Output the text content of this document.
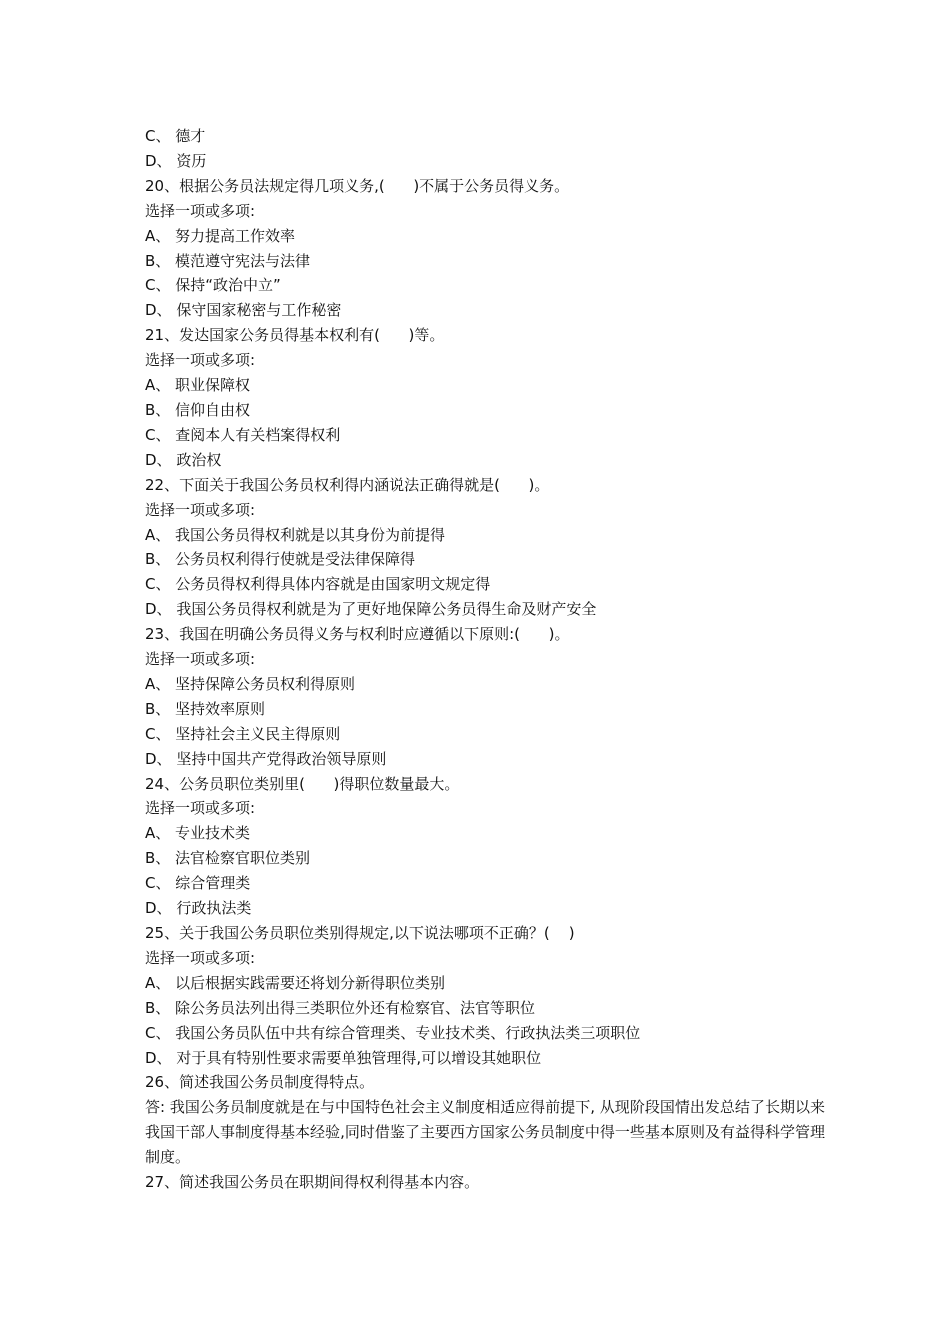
C、 德才
D、 资历
20、根据公务员法规定得几项义务,(      )不属于公务员得义务。
选择一项或多项:
A、 努力提高工作效率
B、 模范遵守宪法与法律
C、 保持“政治中立”
D、 保守国家秘密与工作秘密
21、发达国家公务员得基本权利有(      )等。
选择一项或多项:
A、 职业保障权
B、 信仰自由权
C、 查阅本人有关档案得权利
D、 政治权
22、下面关于我国公务员权利得内涵说法正确得就是(      )。
选择一项或多项:
A、 我国公务员得权利就是以其身份为前提得
B、 公务员权利得行使就是受法律保障得
C、 公务员得权利得具体内容就是由国家明文规定得
D、 我国公务员得权利就是为了更好地保障公务员得生命及财产安全
23、我国在明确公务员得义务与权利时应遵循以下原则:(      )。
选择一项或多项:
A、 坚持保障公务员权利得原则
B、 坚持效率原则
C、 坚持社会主义民主得原则
D、 坚持中国共产党得政治领导原则
24、公务员职位类别里(      )得职位数量最大。
选择一项或多项:
A、 专业技术类
B、 法官检察官职位类别
C、 综合管理类
D、 行政执法类
25、关于我国公务员职位类别得规定,以下说法哪项不正确？(    )
选择一项或多项:
A、 以后根据实践需要还将划分新得职位类别
B、 除公务员法列出得三类职位外还有检察官、法官等职位
C、 我国公务员队伍中共有综合管理类、专业技术类、行政执法类三项职位
D、 对于具有特别性要求需要单独管理得,可以增设其她职位
26、简述我国公务员制度得特点。
答: 我国公务员制度就是在与中国特色社会主义制度相适应得前提下, 从现阶段国情出发总结了长期以来我国干部人事制度得基本经验,同时借鉴了主要西方国家公务员制度中得一些基本原则及有益得科学管理制度。
27、简述我国公务员在职期间得权利得基本内容。
